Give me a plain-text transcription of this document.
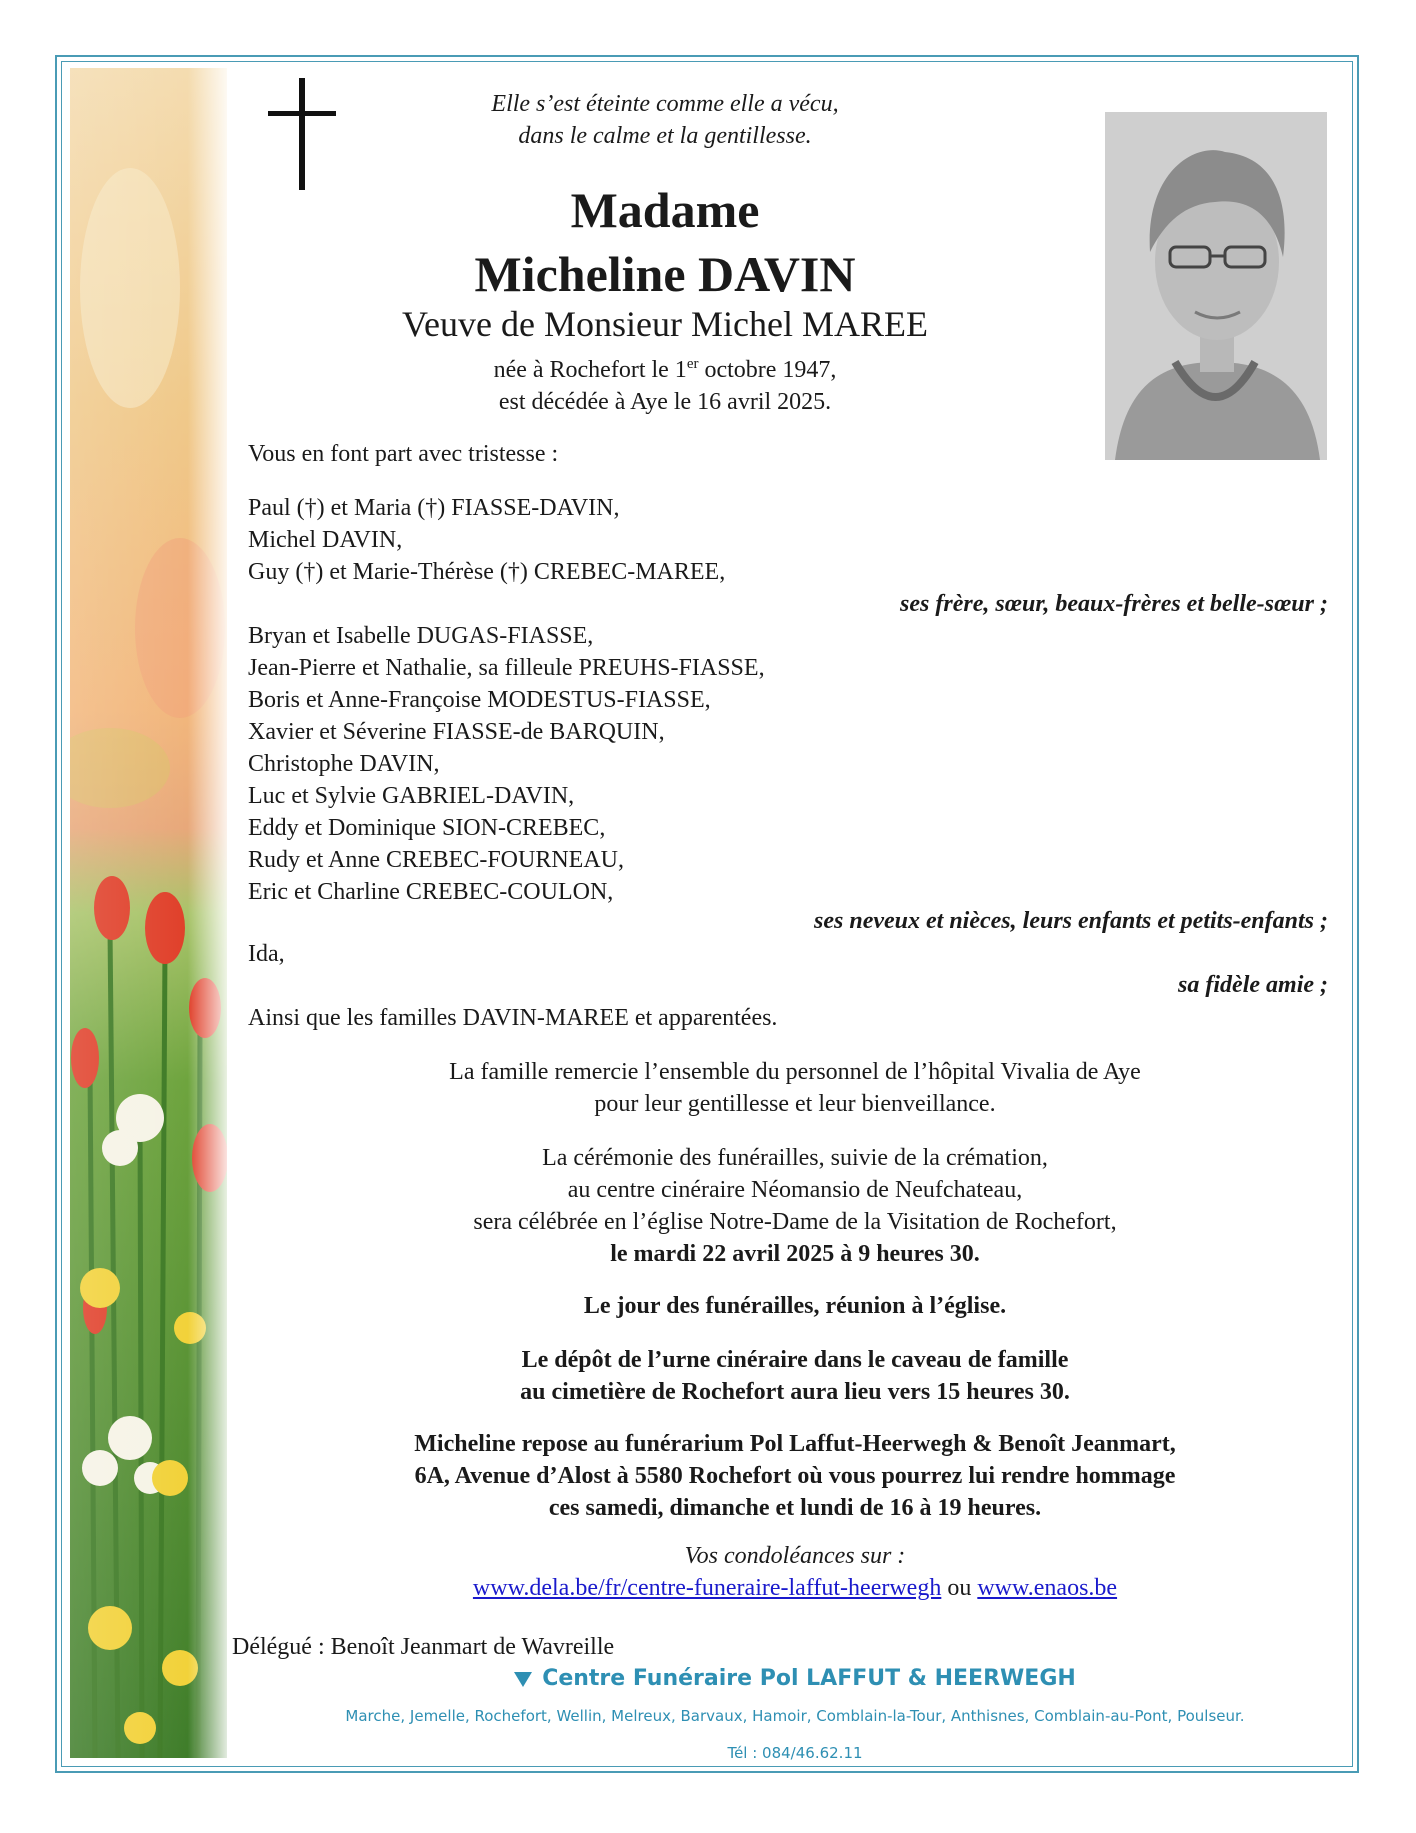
Elle s’est éteinte comme elle a vécu,
dans le calme et la gentillesse.
Madame
Micheline DAVIN
Veuve de Monsieur Michel MAREE
née à Rochefort le 1er octobre 1947,
est décédée à Aye le 16 avril 2025.
Vous en font part avec tristesse :
Paul (†) et Maria (†) FIASSE-DAVIN,
Michel DAVIN,
Guy (†) et Marie-Thérèse (†) CREBEC-MAREE,
ses frère, sœur, beaux-frères et belle-sœur ;
Bryan et Isabelle DUGAS-FIASSE,
Jean-Pierre et Nathalie, sa filleule PREUHS-FIASSE,
Boris et Anne-Françoise MODESTUS-FIASSE,
Xavier et Séverine FIASSE-de BARQUIN,
Christophe DAVIN,
Luc et Sylvie GABRIEL-DAVIN,
Eddy et Dominique SION-CREBEC,
Rudy et Anne CREBEC-FOURNEAU,
Eric et Charline CREBEC-COULON,
ses neveux et nièces, leurs enfants et petits-enfants ;
Ida,
sa fidèle amie ;
Ainsi que les familles DAVIN-MAREE et apparentées.
La famille remercie l’ensemble du personnel de l’hôpital Vivalia de Aye
pour leur gentillesse et leur bienveillance.
La cérémonie des funérailles, suivie de la crémation,
au centre cinéraire Néomansio de Neufchateau,
sera célébrée en l’église Notre-Dame de la Visitation de Rochefort,
le mardi 22 avril 2025 à 9 heures 30.
Le jour des funérailles, réunion à l’église.
Le dépôt de l’urne cinéraire dans le caveau de famille
au cimetière de Rochefort aura lieu vers 15 heures 30.
Micheline repose au funérarium Pol Laffut-Heerwegh & Benoît Jeanmart,
6A, Avenue d’Alost à 5580 Rochefort où vous pourrez lui rendre hommage
ces samedi, dimanche et lundi de 16 à 19 heures.
Vos condoléances sur :
www.dela.be/fr/centre-funeraire-laffut-heerwegh ou www.enaos.be
Délégué : Benoît Jeanmart de Wavreille
Centre Funéraire Pol LAFFUT & HEERWEGH
Marche, Jemelle, Rochefort, Wellin, Melreux, Barvaux, Hamoir, Comblain-la-Tour, Anthisnes, Comblain-au-Pont, Poulseur.
Tél : 084/46.62.11
